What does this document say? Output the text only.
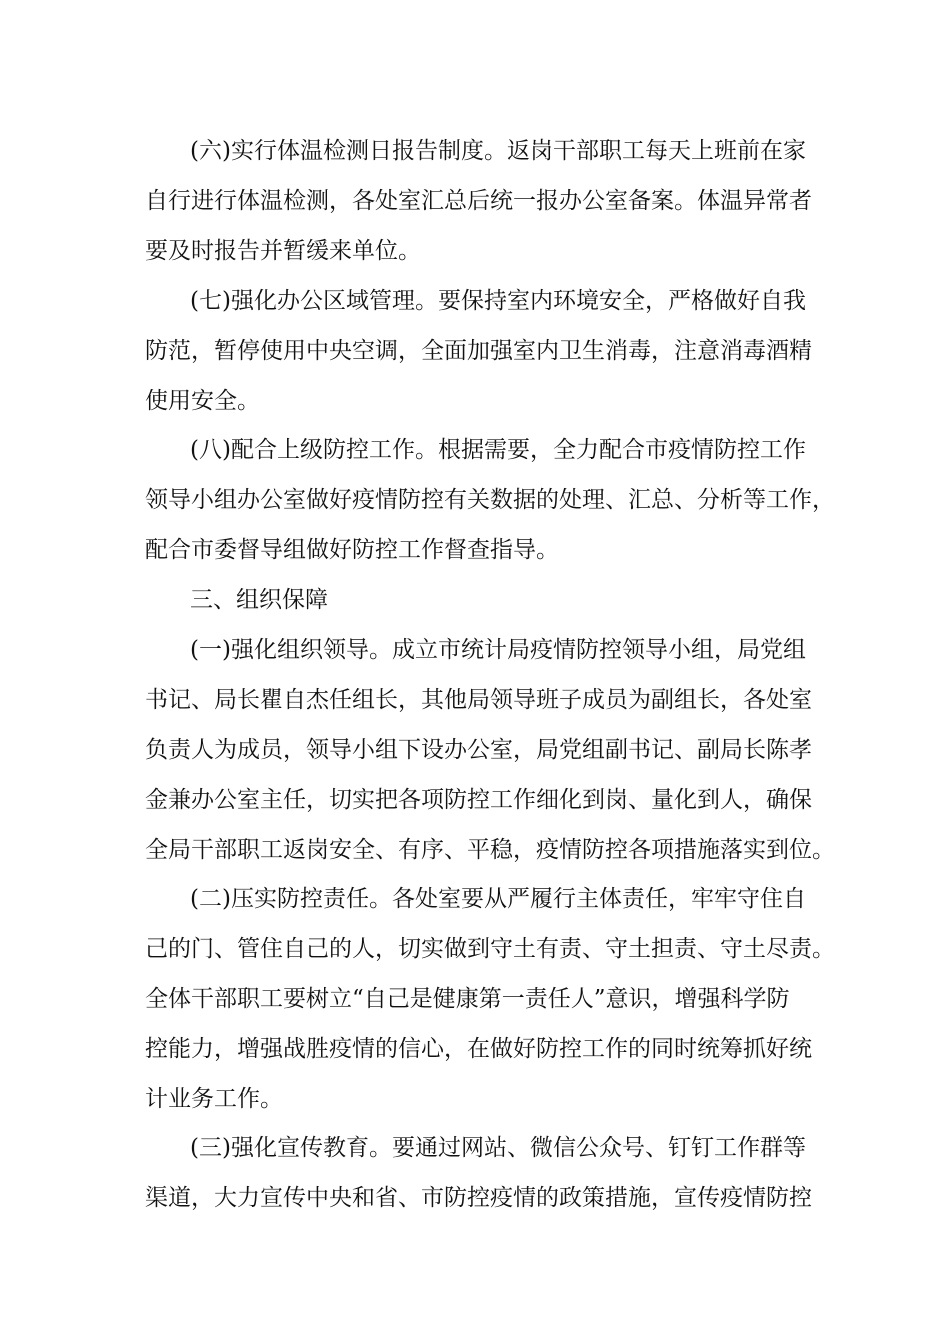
(六)实行体温检测日报告制度。返岗干部职工每天上班前在家
自行进行体温检测，各处室汇总后统一报办公室备案。体温异常者
要及时报告并暂缓来单位。
(七)强化办公区域管理。要保持室内环境安全，严格做好自我
防范，暂停使用中央空调，全面加强室内卫生消毒，注意消毒酒精
使用安全。
(八)配合上级防控工作。根据需要，全力配合市疫情防控工作
领导小组办公室做好疫情防控有关数据的处理、汇总、分析等工作，
配合市委督导组做好防控工作督查指导。
三、组织保障
(一)强化组织领导。成立市统计局疫情防控领导小组，局党组
书记、局长瞿自杰任组长，其他局领导班子成员为副组长，各处室
负责人为成员，领导小组下设办公室，局党组副书记、副局长陈孝
金兼办公室主任，切实把各项防控工作细化到岗、量化到人，确保
全局干部职工返岗安全、有序、平稳，疫情防控各项措施落实到位。
(二)压实防控责任。各处室要从严履行主体责任，牢牢守住自
己的门、管住自己的人，切实做到守土有责、守土担责、守土尽责。
全体干部职工要树立“自己是健康第一责任人”意识，增强科学防
控能力，增强战胜疫情的信心，在做好防控工作的同时统筹抓好统
计业务工作。
(三)强化宣传教育。要通过网站、微信公众号、钉钉工作群等
渠道，大力宣传中央和省、市防控疫情的政策措施，宣传疫情防控
